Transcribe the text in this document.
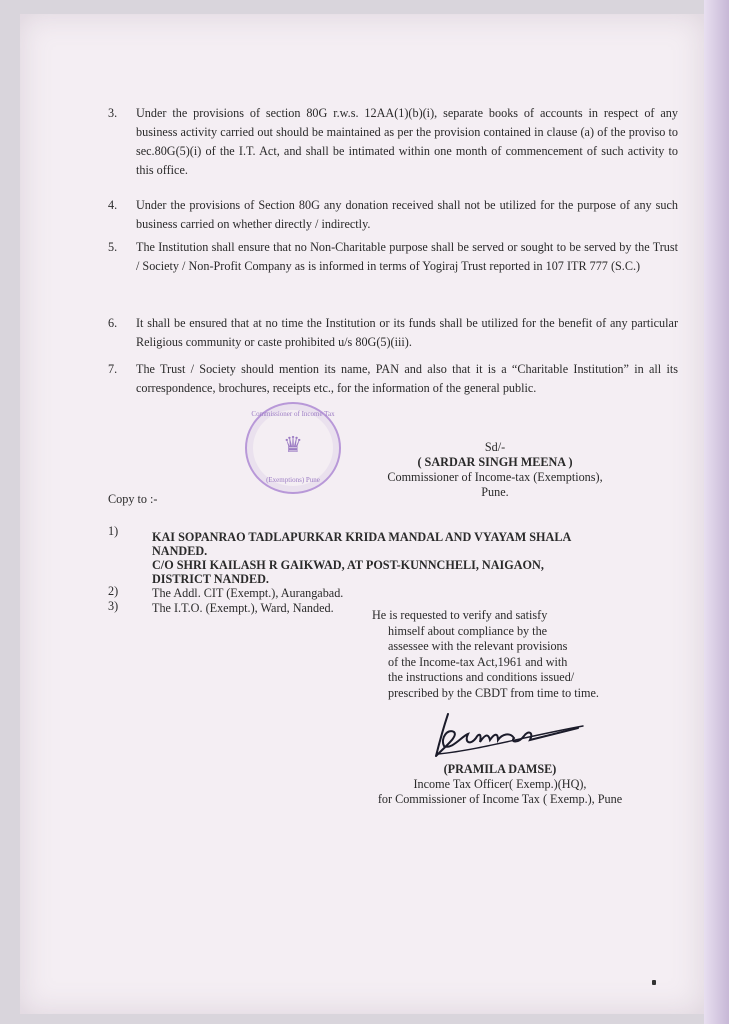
3.	Under the provisions of section 80G r.w.s. 12AA(1)(b)(i), separate books of accounts in respect of any business activity carried out should be maintained as per the provision contained in clause (a) of the proviso to sec.80G(5)(i) of the I.T. Act, and shall be intimated within one month of commencement of such activity to this office.
4.	Under the provisions of Section 80G any donation received shall not be utilized for the purpose of any such business carried on whether directly / indirectly.
5.	The Institution shall ensure that no Non-Charitable purpose shall be served or sought to be served by the Trust / Society / Non-Profit Company as is informed in terms of Yogiraj Trust reported in 107 ITR 777 (S.C.)
6.	It shall be ensured that at no time the Institution or its funds shall be utilized for the benefit of any particular Religious community or caste prohibited u/s 80G(5)(iii).
7.	The Trust / Society should mention its name, PAN and also that it is a “Charitable Institution” in all its correspondence, brochures, receipts etc., for the information of the general public.
Commissioner of Income Tax
♛
(Exemptions) Pune
Sd/-
( SARDAR SINGH MEENA )
Commissioner of Income-tax (Exemptions),
Pune.
Copy to :-
1)	KAI SOPANRAO TADLAPURKAR KRIDA MANDAL AND VYAYAM SHALA
NANDED.
C/O SHRI KAILASH R GAIKWAD, AT POST-KUNNCHELI, NAIGAON,
DISTRICT NANDED.
2)	The Addl. CIT (Exempt.), Aurangabad.
3)	The I.T.O. (Exempt.), Ward, Nanded.	He is requested to verify and satisfy
himself about compliance by the
assessee with the relevant provisions
of the Income-tax Act,1961 and with
the instructions and conditions issued/
prescribed by the CBDT from time to time.
(PRAMILA DAMSE)
Income Tax Officer( Exemp.)(HQ),
for Commissioner of Income Tax ( Exemp.), Pune
